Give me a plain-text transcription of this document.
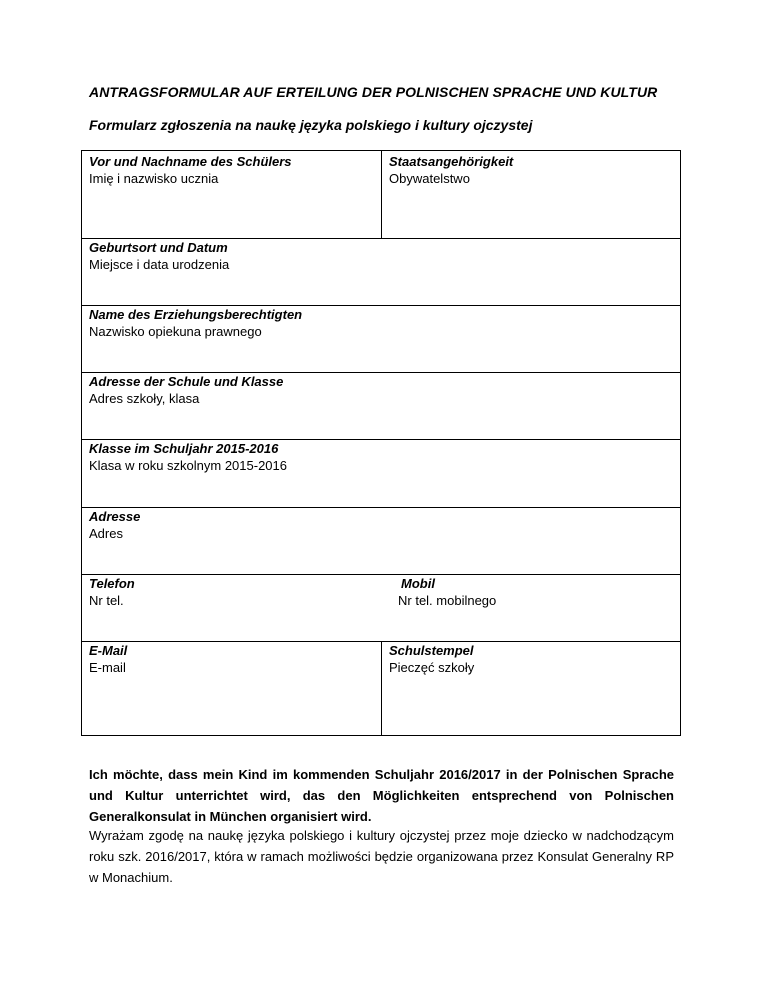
ANTRAGSFORMULAR AUF ERTEILUNG DER POLNISCHEN SPRACHE UND KULTUR
Formularz zgłoszenia na naukę języka polskiego i kultury ojczystej
Vor und Nachname des Schülers
Imię i nazwisko ucznia
Staatsangehörigkeit
Obywatelstwo
Geburtsort und Datum
Miejsce i data urodzenia
Name des Erziehungsberechtigten
Nazwisko opiekuna prawnego
Adresse der Schule und Klasse
Adres szkoły, klasa
Klasse im Schuljahr 2015-2016
Klasa w roku szkolnym 2015-2016
Adresse
Adres
Telefon
Nr tel.
Mobil
Nr tel. mobilnego
E-Mail
E-mail
Schulstempel
Pieczęć szkoły
Ich möchte, dass mein Kind im kommenden Schuljahr 2016/2017 in der Polnischen Sprache und Kultur unterrichtet wird, das den Möglichkeiten entsprechend von Polnischen Generalkonsulat in München organisiert wird.
Wyrażam zgodę na naukę języka polskiego i kultury ojczystej przez moje dziecko w nadchodzącym roku szk. 2016/2017, która w ramach możliwości będzie organizowana przez Konsulat Generalny RP w Monachium.
